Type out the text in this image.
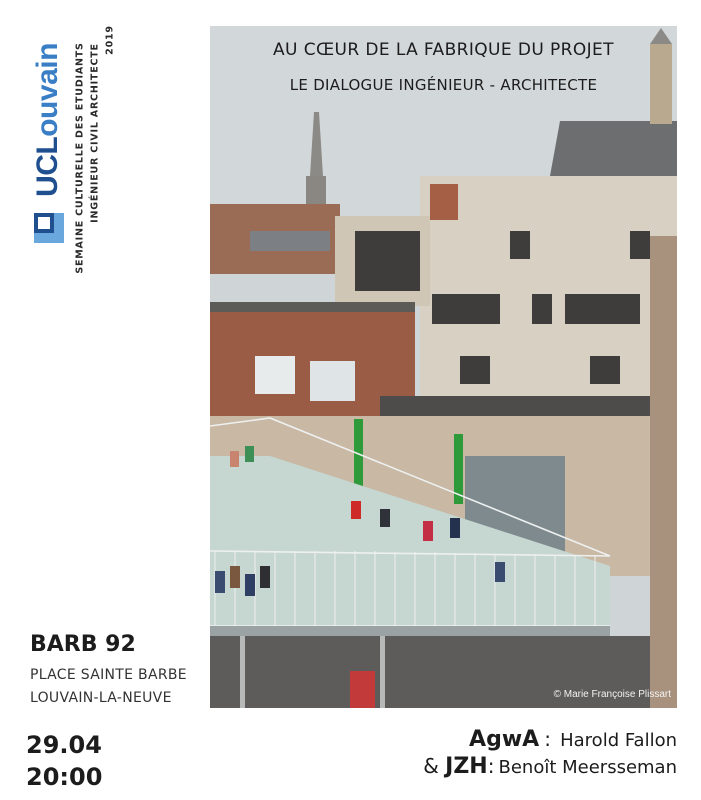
UCLouvain SEMAINE CULTURELLE DES ETUDIANTS INGÉNIEUR CIVIL ARCHITECTE
2019	AU CŒUR DE LA FABRIQUE DU PROJET
LE DIALOGUE INGÉNIEUR - ARCHITECTE
© Marie Françoise Plissart
BARB 92
PLACE SAINTE BARBE
LOUVAIN-LA-NEUVE
29.04
20:00
AgwA : Harold Fallon
& JZH: Benoît Meersseman
